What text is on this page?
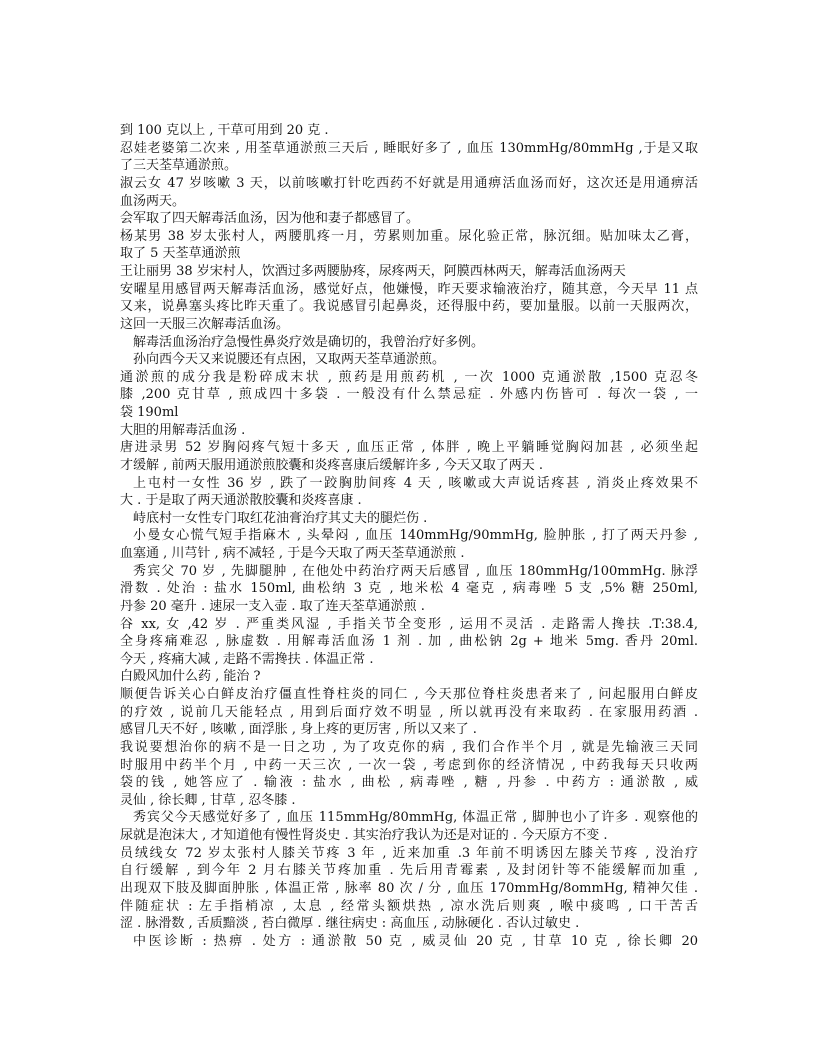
到 100 克以上 , 干草可用到 20 克 .
忍娃老婆第二次来 , 用荃草通淤煎三天后 , 睡眠好多了 , 血压 130mmHg/80mmHg ,于是又取
了三天荃草通淤煎。
淑云女 47 岁咳嗽 3 天，以前咳嗽打针吃西药不好就是用通痹活血汤而好，这次还是用通痹活
血汤两天。
会军取了四天解毒活血汤，因为他和妻子都感冒了。
杨某男 38 岁太张村人，两腰肌疼一月，劳累则加重。尿化验正常，脉沉细。贴加味太乙膏，
取了 5 天荃草通淤煎
王让丽男 38 岁宋村人，饮酒过多两腰胁疼，尿疼两天，阿膜西林两天，解毒活血汤两天
安曜星用感冒两天解毒活血汤，感觉好点，他嫌慢，昨天要求输液治疗，随其意，今天早 11 点
又来，说鼻塞头疼比昨天重了。我说感冒引起鼻炎，还得服中药，要加量服。以前一天服两次，
这回一天服三次解毒活血汤。
解毒活血汤治疗急慢性鼻炎疗效是确切的，我曾治疗好多例。
孙向西今天又来说腰还有点困，又取两天荃草通淤煎。
通淤煎的成分我是粉碎成末状 , 煎药是用煎药机 , 一次 1000 克通淤散 ,1500 克忍冬
膝 ,200 克甘草 , 煎成四十多袋 . 一般没有什么禁忌症 . 外感内伤皆可 . 每次一袋 , 一
袋 190ml
大胆的用解毒活血汤 .
唐进录男 52 岁胸闷疼气短十多天 , 血压正常 , 体胖 , 晚上平躺睡觉胸闷加甚 , 必须坐起
才缓解 , 前两天服用通淤煎胶囊和炎疼喜康后缓解许多 , 今天又取了两天 .
上屯村一女性 36 岁 , 跌了一跤胸肋间疼 4 天 , 咳嗽或大声说话疼甚 , 消炎止疼效果不
大 . 于是取了两天通淤散胶囊和炎疼喜康 .
峙底村一女性专门取红花油膏治疗其丈夫的腿烂伤 .
小曼女心慌气短手指麻木 , 头晕闷 , 血压 140mmHg/90mmHg, 脸肿胀 , 打了两天丹参 ,
血塞通 , 川芎针 , 病不减轻 , 于是今天取了两天荃草通淤煎 .
秀宾父 70 岁 , 先脚腿肿 , 在他处中药治疗两天后感冒 , 血压 180mmHg/100mmHg. 脉浮
滑数 . 处治 : 盐水 150ml, 曲松纳 3 克 , 地米松 4 毫克 , 病毒唑 5 支 ,5% 糖 250ml,
丹参 20 毫升 . 速尿一支入壶 . 取了连天荃草通淤煎 .
谷 xx, 女 ,42 岁 . 严重类风湿 , 手指关节全变形 , 运用不灵活 . 走路需人搀扶 .T:38.4,
全身疼痛难忍 , 脉虚数 . 用解毒活血汤 1 剂 . 加 , 曲松钠 2g + 地米 5mg. 香丹 20ml.
今天 , 疼痛大减 , 走路不需搀扶 . 体温正常 .
白殿风加什么药 , 能治 ?
顺便告诉关心白鲜皮治疗僵直性脊柱炎的同仁 , 今天那位脊柱炎患者来了 , 问起服用白鲜皮
的疗效 , 说前几天能轻点 , 用到后面疗效不明显 , 所以就再没有来取药 . 在家服用药酒 .
感冒几天不好 , 咳嗽 , 面浮胀 , 身上疼的更厉害 , 所以又来了 .
我说要想治你的病不是一日之功 , 为了攻克你的病 , 我们合作半个月 , 就是先输液三天同
时服用中药半个月 , 中药一天三次 , 一次一袋 , 考虑到你的经济情况 , 中药我每天只收两
袋的钱 , 她答应了 . 输液 : 盐水 , 曲松 , 病毒唑 , 糖 , 丹参 . 中药方 : 通淤散 , 威
灵仙 , 徐长卿 , 甘草 , 忍冬膝 .
秀宾父今天感觉好多了 , 血压 115mmHg/80mmHg, 体温正常 , 脚肿也小了许多 . 观察他的
尿就是泡沫大 , 才知道他有慢性肾炎史 . 其实治疗我认为还是对证的 . 今天原方不变 .
员绒线女 72 岁太张村人膝关节疼 3 年 , 近来加重 .3 年前不明诱因左膝关节疼 , 没治疗
自行缓解 , 到今年 2 月右膝关节疼加重 . 先后用青霉素 , 及封闭针等不能缓解而加重 ,
出现双下肢及脚面肿胀 , 体温正常 , 脉率 80 次 / 分 , 血压 170mmHg/8ommHg, 精神欠佳 .
伴随症状 : 左手指梢凉 , 太息 , 经常头额烘热 , 凉水洗后则爽 , 喉中痰鸣 , 口干苦舌
涩 . 脉滑数 , 舌质黯淡 , 苔白微厚 . 继往病史 : 高血压 , 动脉硬化 . 否认过敏史 .
中医诊断 : 热痹 . 处方 : 通淤散 50 克 , 威灵仙 20 克 , 甘草 10 克 , 徐长卿 20
